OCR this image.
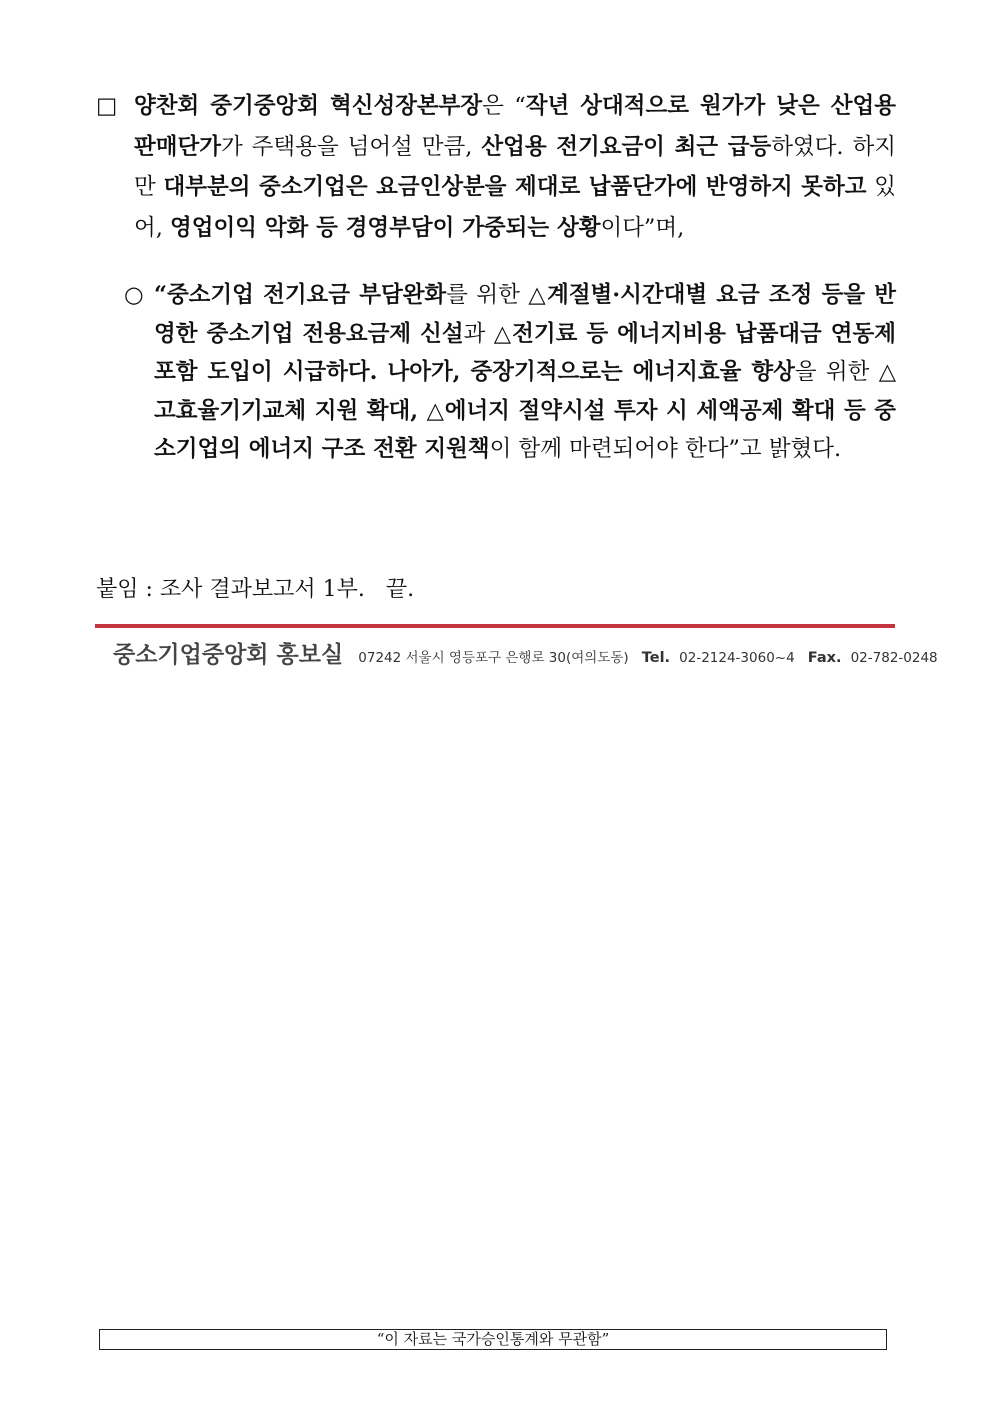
□ 양찬회 중기중앙회 혁신성장본부장은 “작년 상대적으로 원가가 낮은 산업용 판매단가가 주택용을 넘어설 만큼, 산업용 전기요금이 최근 급등하였다. 하지만 대부분의 중소기업은 요금인상분을 제대로 납품단가에 반영하지 못하고 있어, 영업이익 악화 등 경영부담이 가중되는 상황이다”며,
○ “중소기업 전기요금 부담완화를 위한 △계절별·시간대별 요금 조정 등을 반영한 중소기업 전용요금제 신설과 △전기료 등 에너지비용 납품대금 연동제 포함 도입이 시급하다. 나아가, 중장기적으로는 에너지효율 향상을 위한 △고효율기기교체 지원 확대, △에너지 절약시설 투자 시 세액공제 확대 등 중소기업의 에너지 구조 전환 지원책이 함께 마련되어야 한다”고 밝혔다.
붙임 : 조사 결과보고서 1부.   끝.
중소기업중앙회 홍보실 07242 서울시 영등포구 은행로 30(여의도동) Tel. 02-2124-3060~4 Fax. 02-782-0248
“이 자료는 국가승인통계와 무관함”
